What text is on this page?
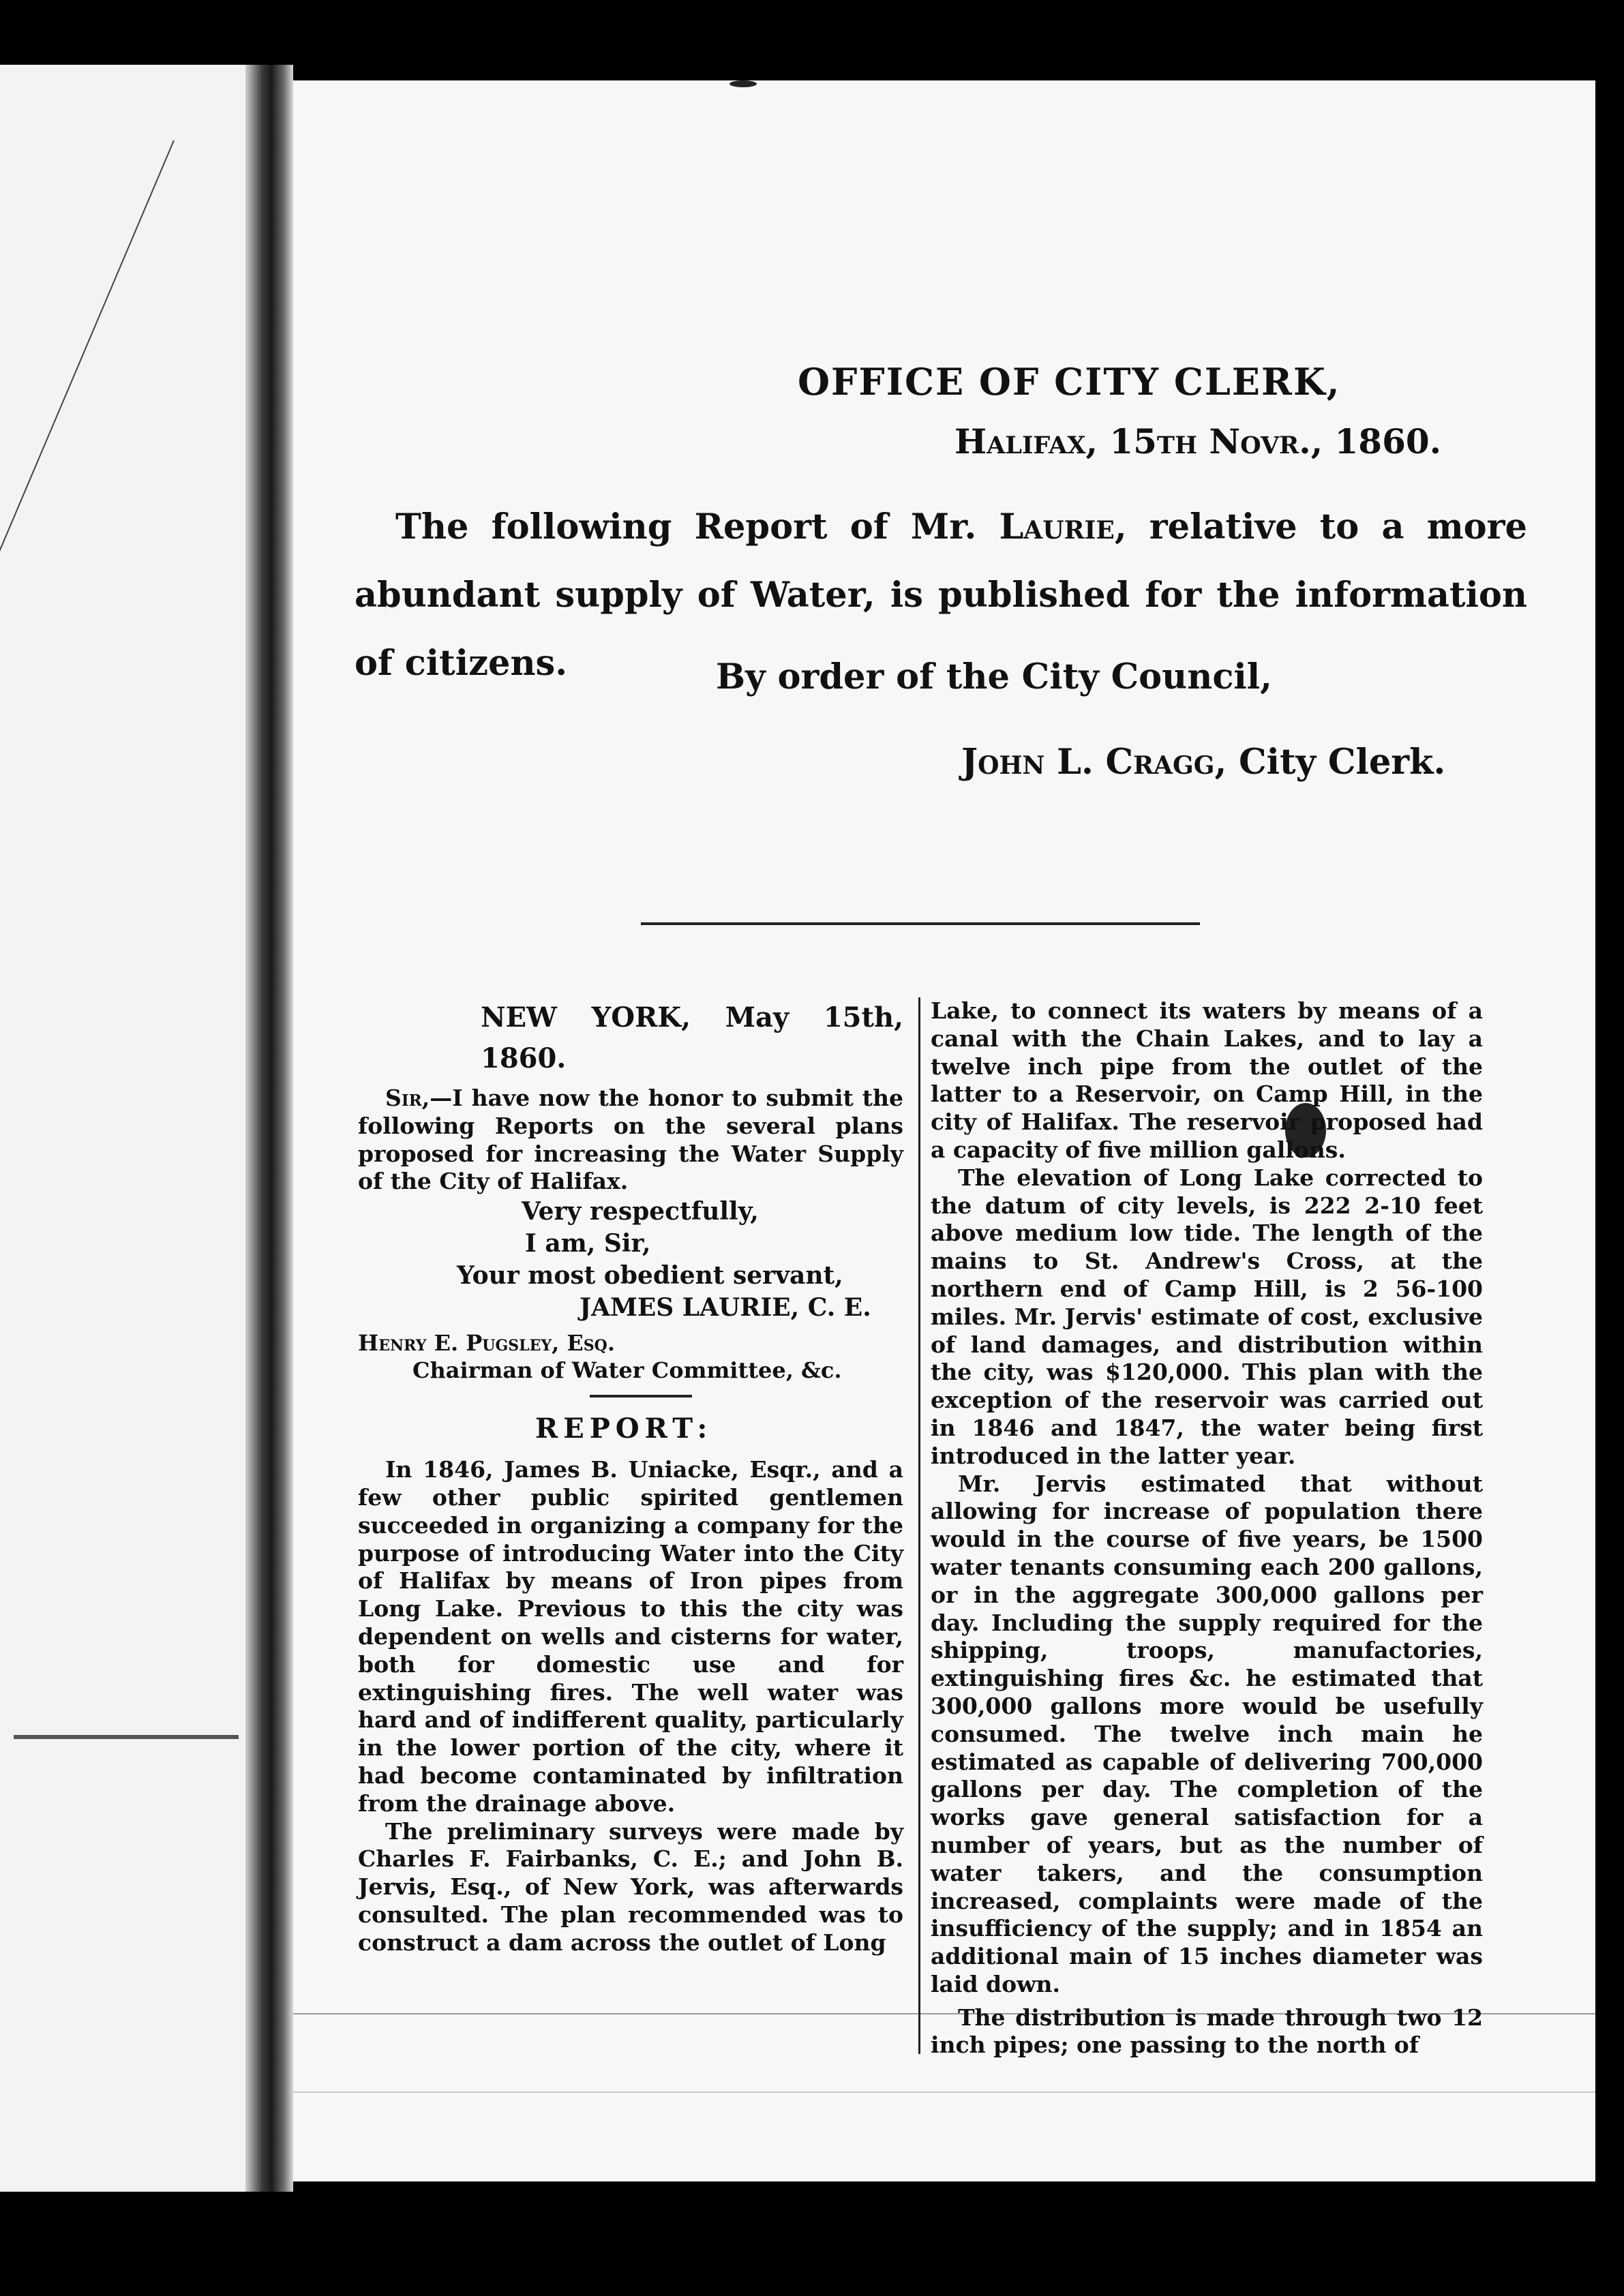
OFFICE OF CITY CLERK,
Halifax, 15th Novr., 1860.
The following Report of Mr. Laurie, relative to a more abundant supply of Water, is published for the information of citizens.	By order of the City Council,
John L. Cragg, City Clerk.
NEW YORK, May 15th, 1860.

Sir,—I have now the honor to submit the following Reports on the several plans proposed for increasing the Water Supply of the City of Halifax.

Very respectfully,
I am, Sir,
Your most obedient servant,
JAMES LAURIE, C. E.
Henry E. Pugsley, Esq.
Chairman of Water Committee, &c.
REPORT:

In 1846, James B. Uniacke, Esqr., and a few other public spirited gentlemen succeeded in organizing a company for the purpose of introducing Water into the City of Halifax by means of Iron pipes from Long Lake. Previous to this the city was dependent on wells and cisterns for water, both for domestic use and for extinguishing fires. The well water was hard and of indifferent quality, particularly in the lower portion of the city, where it had become contaminated by infiltration from the drainage above.

The preliminary surveys were made by Charles F. Fairbanks, C. E.; and John B. Jervis, Esq., of New York, was afterwards consulted. The plan recommended was to construct a dam across the outlet of Long

Lake, to connect its waters by means of a canal with the Chain Lakes, and to lay a twelve inch pipe from the outlet of the latter to a Reservoir, on Camp Hill, in the city of Halifax. The reservoir proposed had a capacity of five million gallons.

The elevation of Long Lake corrected to the datum of city levels, is 222 2-10 feet above medium low tide. The length of the mains to St. Andrew's Cross, at the northern end of Camp Hill, is 2 56-100 miles. Mr. Jervis' estimate of cost, exclusive of land damages, and distribution within the city, was $120,000. This plan with the exception of the reservoir was carried out in 1846 and 1847, the water being first introduced in the latter year.

Mr. Jervis estimated that without allowing for increase of population there would in the course of five years, be 1500 water tenants consuming each 200 gallons, or in the aggregate 300,000 gallons per day. Including the supply required for the shipping, troops, manufactories, extinguishing fires &c. he estimated that 300,000 gallons more would be usefully consumed. The twelve inch main he estimated as capable of delivering 700,000 gallons per day. The completion of the works gave general satisfaction for a number of years, but as the number of water takers, and the consumption increased, complaints were made of the insufficiency of the supply; and in 1854 an additional main of 15 inches diameter was laid down.

The distribution is made through two 12 inch pipes; one passing to the north of
